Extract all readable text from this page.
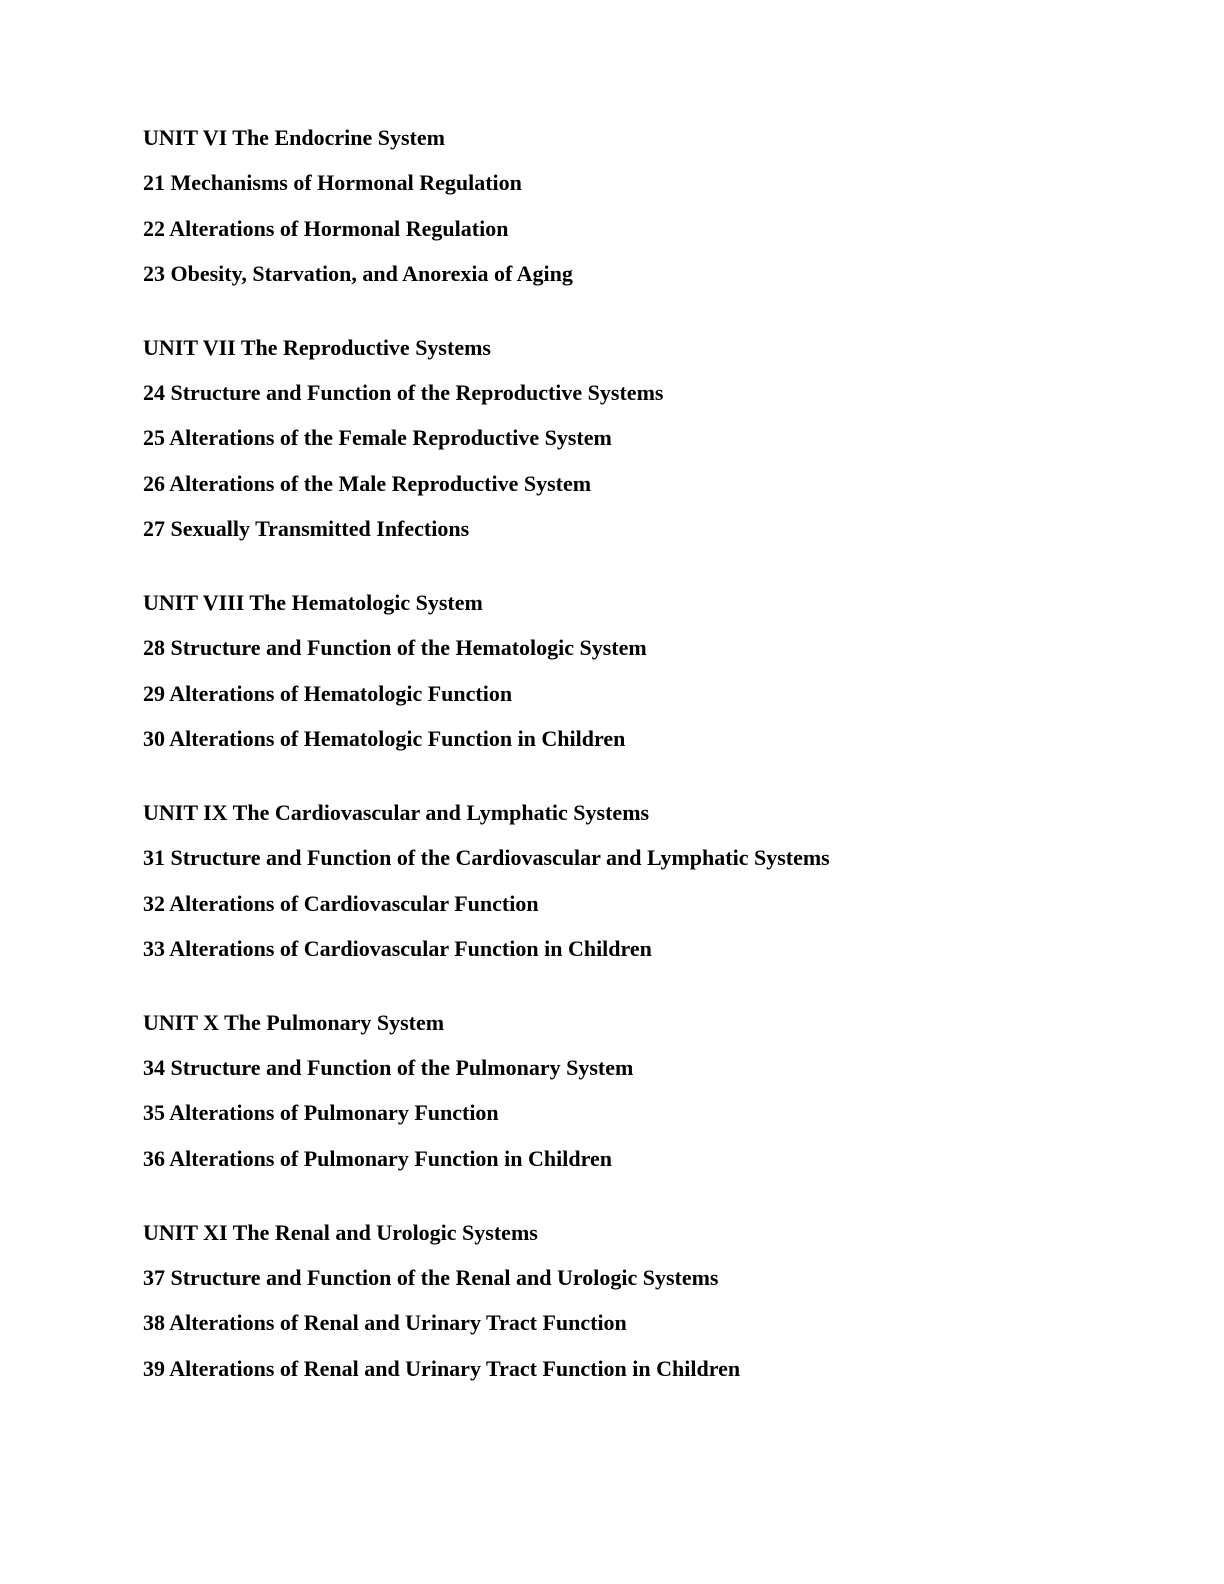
UNIT VI The Endocrine System
21 Mechanisms of Hormonal Regulation
22 Alterations of Hormonal Regulation
23 Obesity, Starvation, and Anorexia of Aging
UNIT VII The Reproductive Systems
24 Structure and Function of the Reproductive Systems
25 Alterations of the Female Reproductive System
26 Alterations of the Male Reproductive System
27 Sexually Transmitted Infections
UNIT VIII The Hematologic System
28 Structure and Function of the Hematologic System
29 Alterations of Hematologic Function
30 Alterations of Hematologic Function in Children
UNIT IX The Cardiovascular and Lymphatic Systems
31 Structure and Function of the Cardiovascular and Lymphatic Systems
32 Alterations of Cardiovascular Function
33 Alterations of Cardiovascular Function in Children
UNIT X The Pulmonary System
34 Structure and Function of the Pulmonary System
35 Alterations of Pulmonary Function
36 Alterations of Pulmonary Function in Children
UNIT XI The Renal and Urologic Systems
37 Structure and Function of the Renal and Urologic Systems
38 Alterations of Renal and Urinary Tract Function
39 Alterations of Renal and Urinary Tract Function in Children
